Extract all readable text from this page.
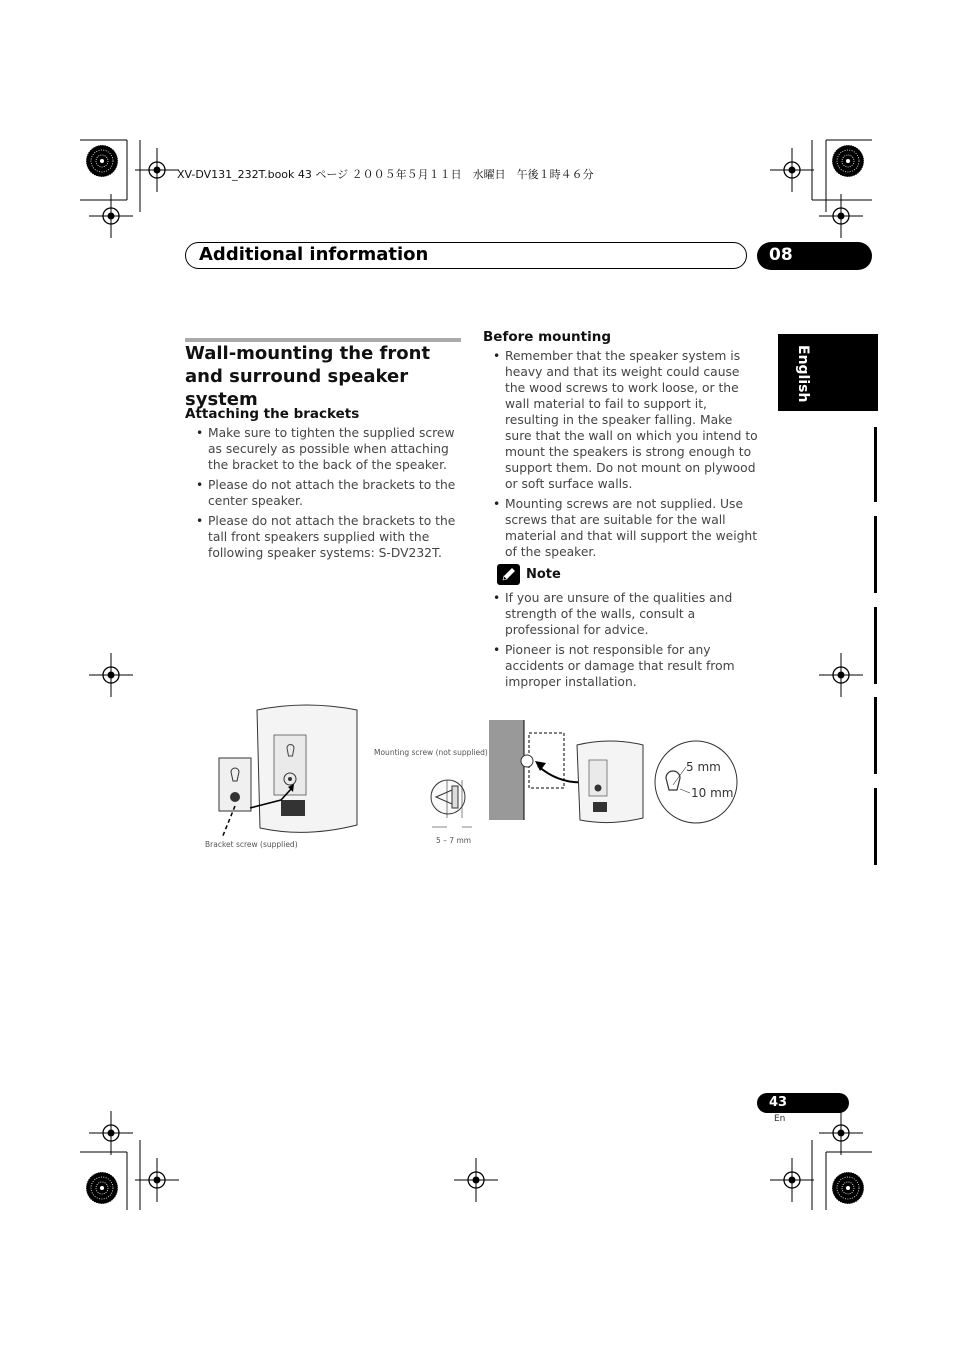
XV-DV131_232T.book 43 ページ ２００５年５月１１日　水曜日　午後１時４６分
Additional information	08
English
Wall-mounting the front and surround speaker system
Attaching the brackets
• Make sure to tighten the supplied screw as securely as possible when attaching the bracket to the back of the speaker.
• Please do not attach the brackets to the center speaker.
• Please do not attach the brackets to the tall front speakers supplied with the following speaker systems: S-DV232T.
Before mounting
• Remember that the speaker system is heavy and that its weight could cause the wood screws to work loose, or the wall material to fail to support it, resulting in the speaker falling. Make sure that the wall on which you intend to mount the speakers is strong enough to support them. Do not mount on plywood or soft surface walls.
• Mounting screws are not supplied. Use screws that are suitable for the wall material and that will support the weight of the speaker.
Note
• If you are unsure of the qualities and strength of the walls, consult a professional for advice.
• Pioneer is not responsible for any accidents or damage that result from improper installation.
Mounting screw (not supplied)
Bracket screw (supplied)	5 – 7 mm
5 mm
10 mm
43
En
